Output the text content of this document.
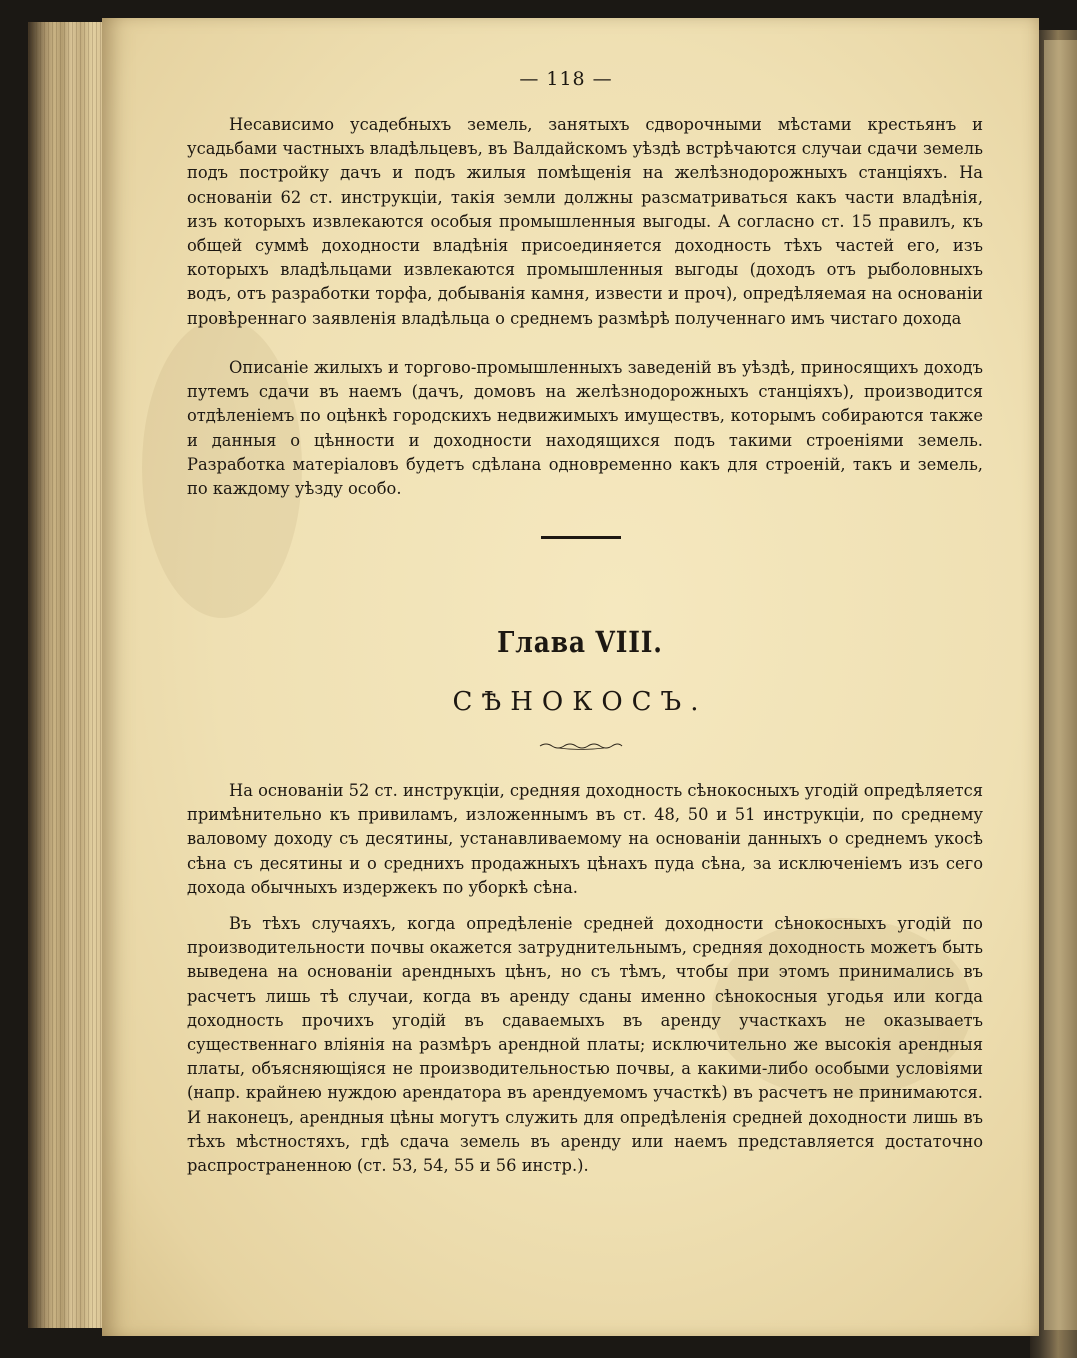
— 118 —

Несависимо усадебныхъ земель, занятыхъ сдворочными мѣстами крестьянъ и усадьбами частныхъ владѣльцевъ, въ Валдайскомъ уѣздѣ встрѣчаются случаи сдачи земель подъ постройку дачъ и подъ жилыя помѣщенія на желѣзнодорожныхъ станціяхъ. На основаніи 62 ст. инструкціи, такія земли должны разсматриваться какъ части владѣнія, изъ которыхъ извлекаются особыя промышленныя выгоды. А согласно ст. 15 правилъ, къ общей суммѣ доходности владѣнія присоединяется доходность тѣхъ частей его, изъ которыхъ владѣльцами извлекаются промышленныя выгоды (доходъ отъ рыболовныхъ водъ, отъ разработки торфа, добыванія камня, извести и проч), опредѣляемая на основаніи провѣреннаго заявленія владѣльца о среднемъ размѣрѣ полученнаго имъ чистаго дохода

Описаніе жилыхъ и торгово-промышленныхъ заведеній въ уѣздѣ, приносящихъ доходъ путемъ сдачи въ наемъ (дачъ, домовъ на желѣзнодорожныхъ станціяхъ), производится отдѣленіемъ по оцѣнкѣ городскихъ недвижимыхъ имуществъ, которымъ собираются также и данныя о цѣнности и доходности находящихся подъ такими строеніями земель. Разработка матеріаловъ будетъ сдѣлана одновременно какъ для строеній, такъ и земель, по каждому уѣзду особо.

Глава VIII.
СѢНОКОСЪ.

На основаніи 52 ст. инструкціи, средняя доходность сѣнокосныхъ угодій опредѣляется примѣнительно къ привиламъ, изложеннымъ въ ст. 48, 50 и 51 инструкціи, по среднему валовому доходу съ десятины, устанавливаемому на основаніи данныхъ о среднемъ укосѣ сѣна съ десятины и о среднихъ продажныхъ цѣнахъ пуда сѣна, за исключеніемъ изъ сего дохода обычныхъ издержекъ по уборкѣ сѣна.

Въ тѣхъ случаяхъ, когда опредѣленіе средней доходности сѣнокосныхъ угодій по производительности почвы окажется затруднительнымъ, средняя доходность можетъ быть выведена на основаніи арендныхъ цѣнъ, но съ тѣмъ, чтобы при этомъ принимались въ расчетъ лишь тѣ случаи, когда въ аренду сданы именно сѣнокосныя угодья или когда доходность прочихъ угодій въ сдаваемыхъ въ аренду участкахъ не оказываетъ существеннаго вліянія на размѣръ арендной платы; исключительно же высокія арендныя платы, объясняющіяся не производительностью почвы, а какими-либо особыми условіями (напр. крайнею нуждою арендатора въ арендуемомъ участкѣ) въ расчетъ не принимаются. И наконецъ, арендныя цѣны могутъ служить для опредѣленія средней доходности лишь въ тѣхъ мѣстностяхъ, гдѣ сдача земель въ аренду или наемъ представляется достаточно распространенною (ст. 53, 54, 55 и 56 инстр.).
